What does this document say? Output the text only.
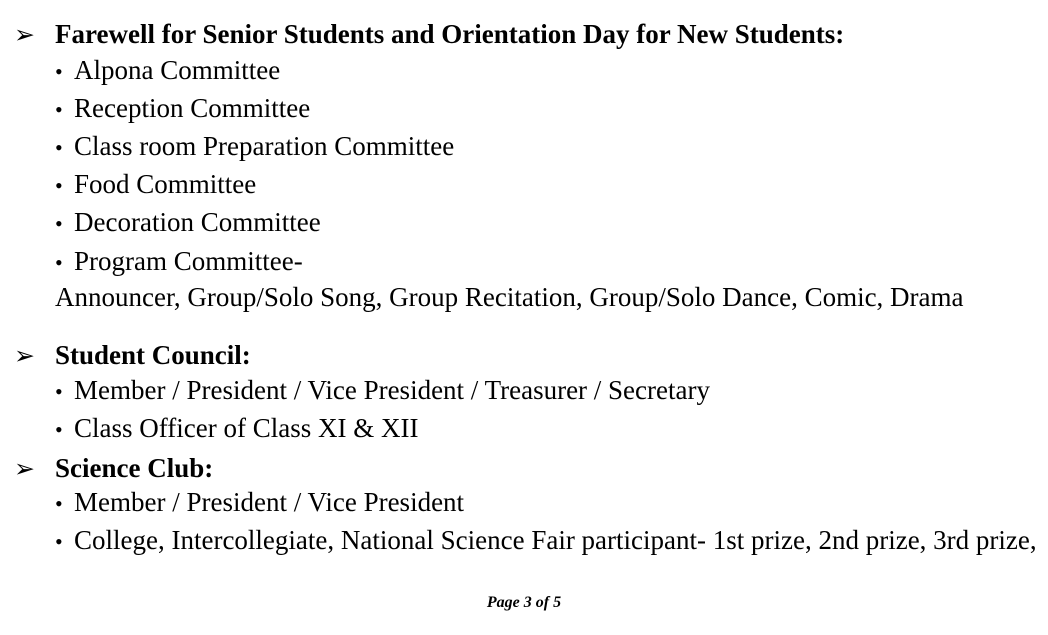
➢ Farewell for Senior Students and Orientation Day for New Students:
• Alpona Committee
• Reception Committee
• Class room Preparation Committee
• Food Committee
• Decoration Committee
• Program Committee-
Announcer, Group/Solo Song, Group Recitation, Group/Solo Dance, Comic, Drama
➢ Student Council:
• Member / President / Vice President / Treasurer / Secretary
• Class Officer of Class XI & XII
➢ Science Club:
• Member / President / Vice President
• College, Intercollegiate, National Science Fair participant- 1st prize, 2nd prize, 3rd prize,
Page 3 of 5
